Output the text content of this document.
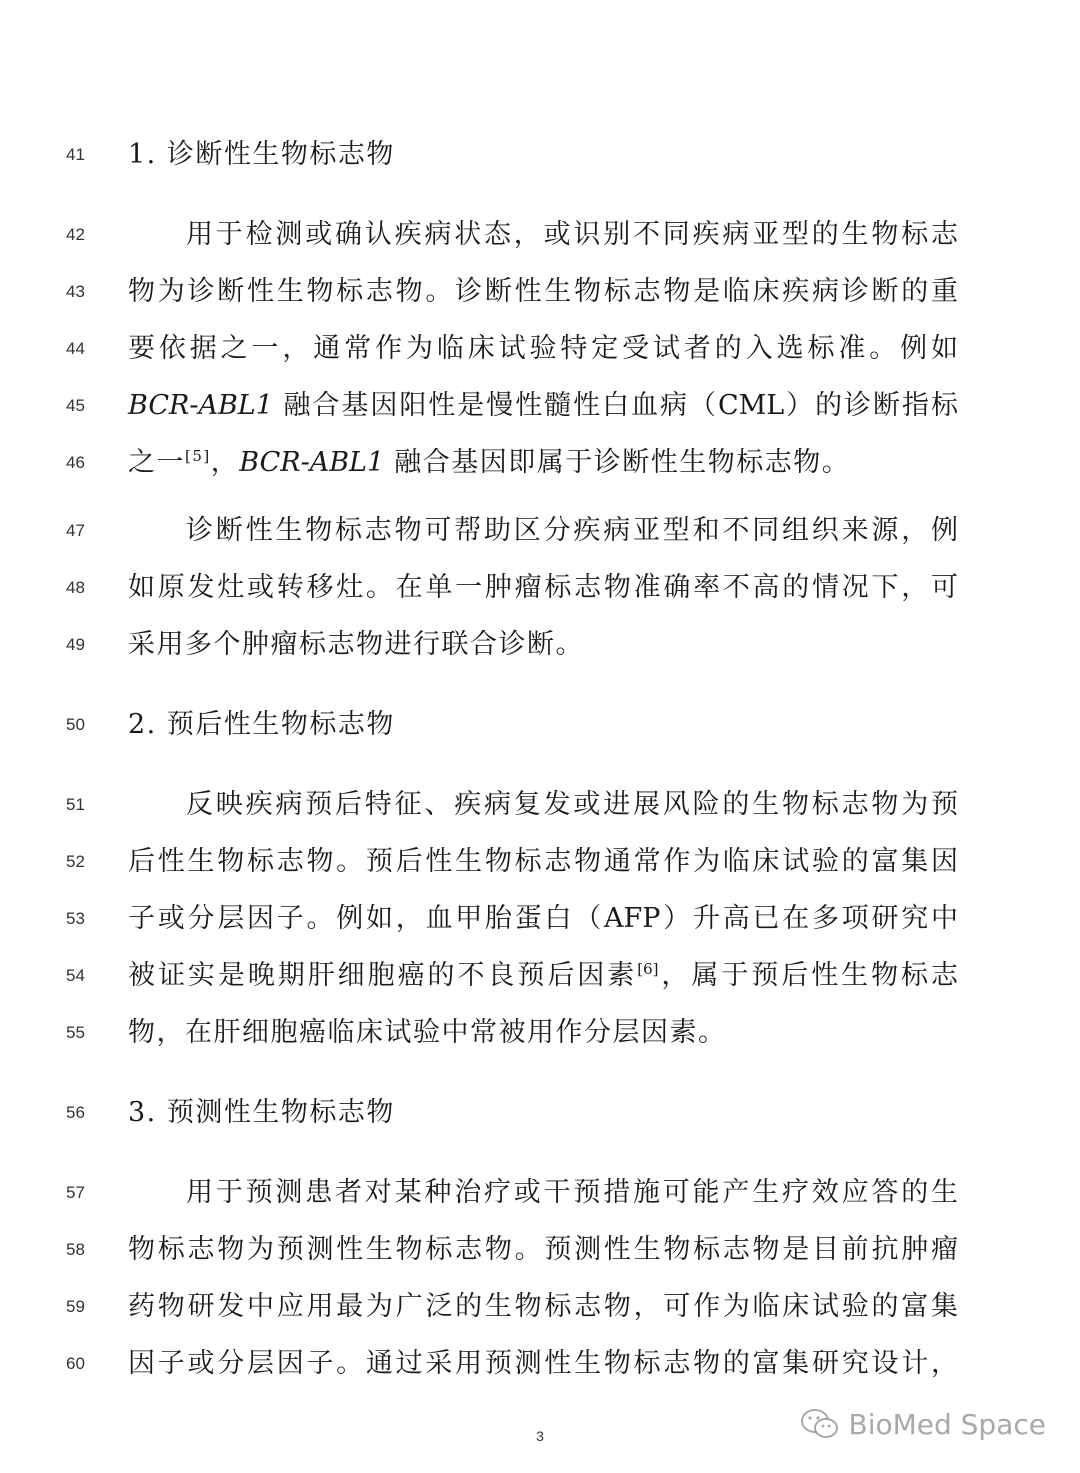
41	1. 诊断性生物标志物
42	用于检测或确认疾病状态，或识别不同疾病亚型的生物标志
43	物为诊断性生物标志物。诊断性生物标志物是临床疾病诊断的重
44	要依据之一，通常作为临床试验特定受试者的入选标准。例如
45	BCR-ABL1 融合基因阳性是慢性髓性白血病（CML）的诊断指标
46	之一[5]，BCR-ABL1 融合基因即属于诊断性生物标志物。
47	诊断性生物标志物可帮助区分疾病亚型和不同组织来源，例
48	如原发灶或转移灶。在单一肿瘤标志物准确率不高的情况下，可
49	采用多个肿瘤标志物进行联合诊断。
50	2. 预后性生物标志物
51	反映疾病预后特征、疾病复发或进展风险的生物标志物为预
52	后性生物标志物。预后性生物标志物通常作为临床试验的富集因
53	子或分层因子。例如，血甲胎蛋白（AFP）升高已在多项研究中
54	被证实是晚期肝细胞癌的不良预后因素[6]，属于预后性生物标志
55	物，在肝细胞癌临床试验中常被用作分层因素。
56	3. 预测性生物标志物
57	用于预测患者对某种治疗或干预措施可能产生疗效应答的生
58	物标志物为预测性生物标志物。预测性生物标志物是目前抗肿瘤
59	药物研发中应用最为广泛的生物标志物，可作为临床试验的富集
60	因子或分层因子。通过采用预测性生物标志物的富集研究设计，
3	BioMed Space
